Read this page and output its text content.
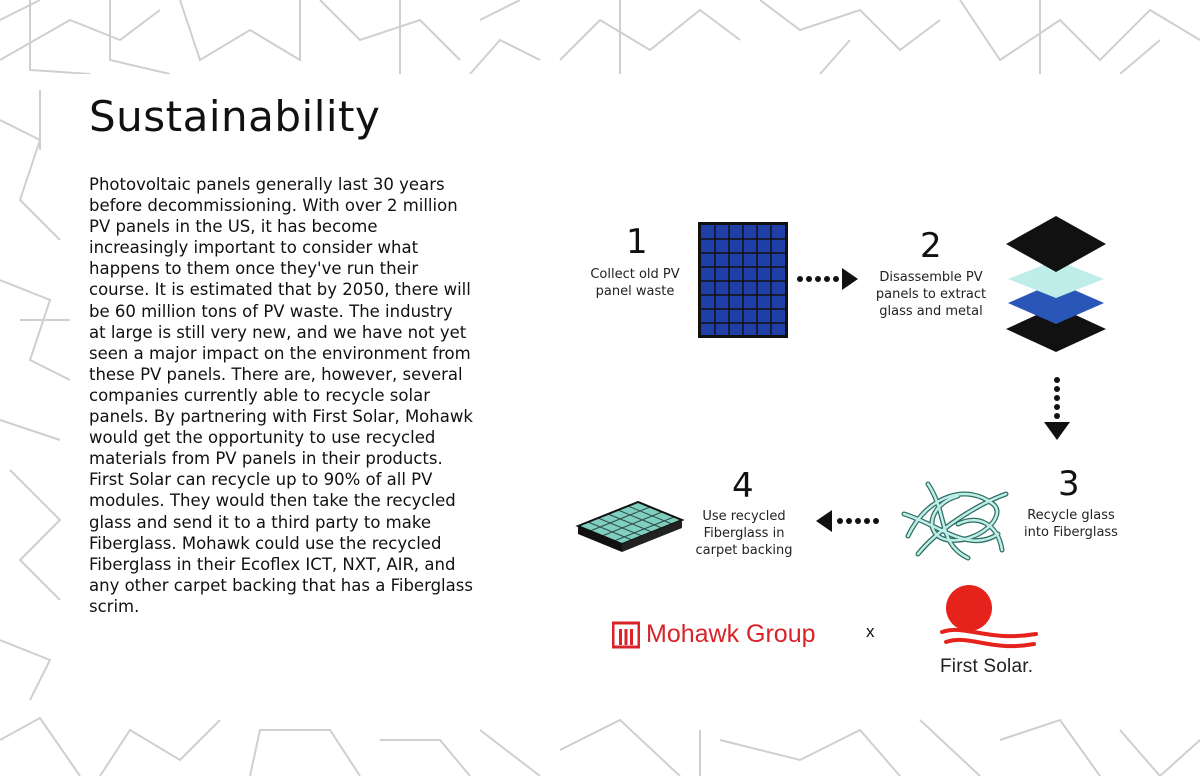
Sustainability
Photovoltaic panels generally last 30 years before decommissioning. With over 2 million PV panels in the US, it has become increasingly important to consider what happens to them once they've run their course. It is estimated that by 2050, there will be 60 million tons of PV waste. The industry at large is still very new, and we have not yet seen a major impact on the environment from these PV panels. There are, however, several companies currently able to recycle solar panels. By partnering with First Solar, Mohawk would get the opportunity to use recycled materials from PV panels in their products. First Solar can recycle up to 90% of all PV modules. They would then take the recycled glass and send it to a third party to make Fiberglass. Mohawk could use the recycled Fiberglass in their Ecoflex ICT, NXT, AIR, and any other carpet backing that has a Fiberglass scrim.
1
Collect old PV
panel waste
2
Disassemble PV
panels to extract
glass and metal
3
Recycle glass
into Fiberglass
4
Use recycled
Fiberglass in
carpet backing
Mohawk Group	x
First Solar.
